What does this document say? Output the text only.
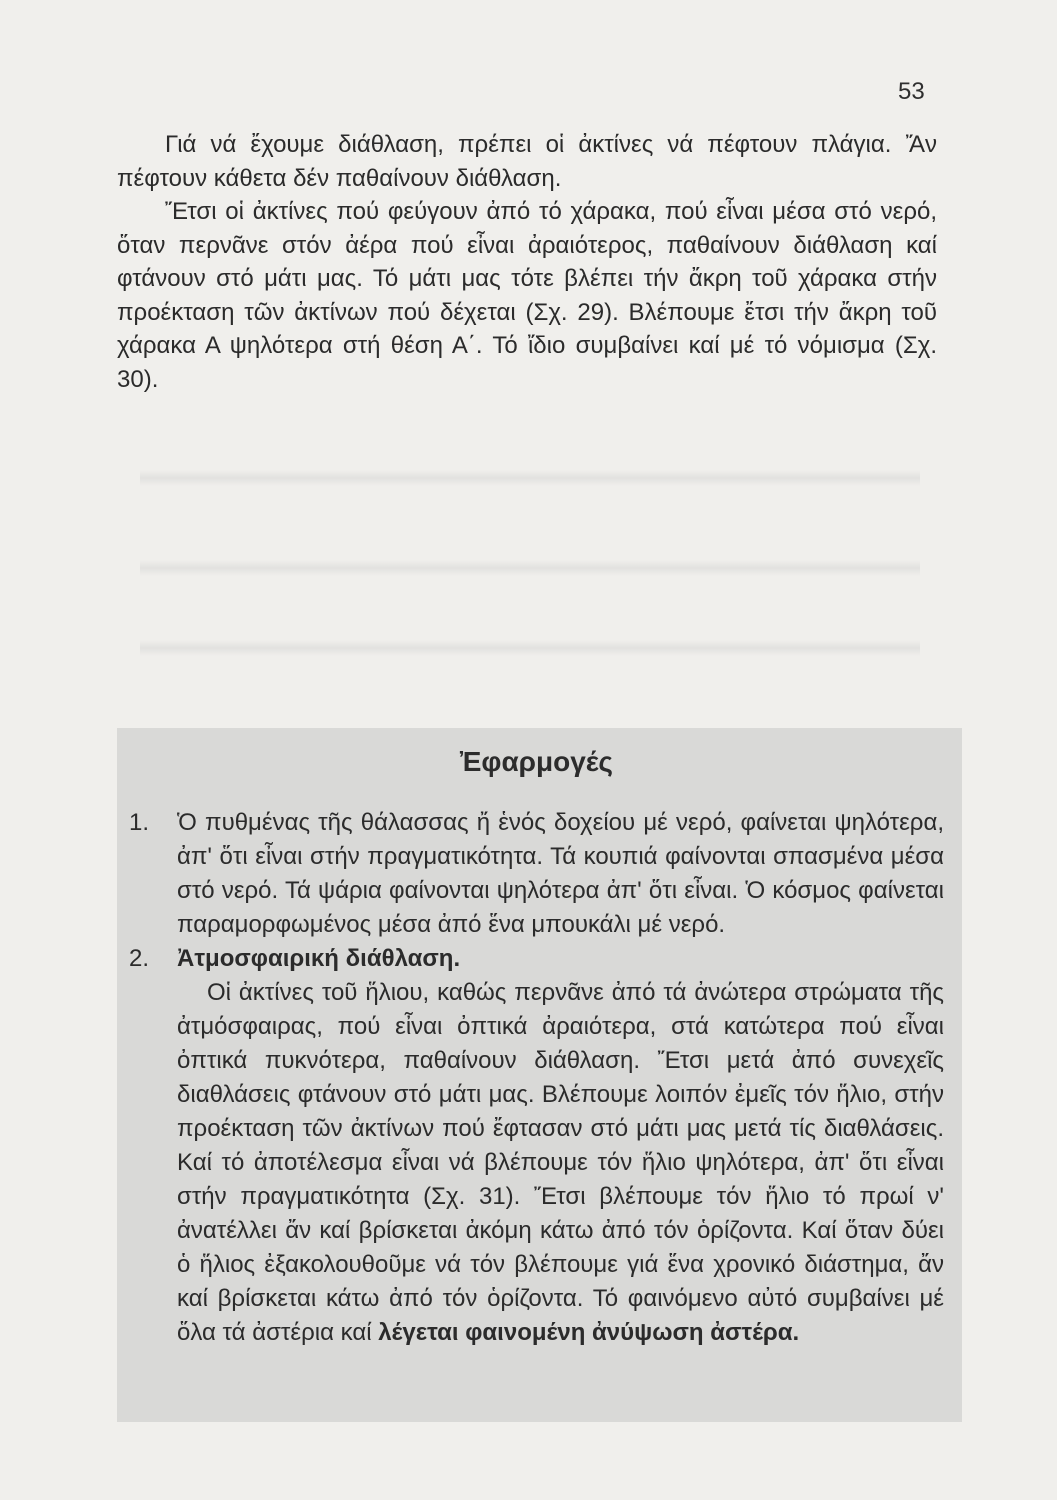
53

Γιά νά ἔχουμε διάθλαση, πρέπει οἱ ἀκτίνες νά πέφτουν πλάγια. Ἄν πέφτουν κάθετα δέν παθαίνουν διάθλαση.

Ἔτσι οἱ ἀκτίνες πού φεύγουν ἀπό τό χάρακα, πού εἶναι μέσα στό νερό, ὅταν περνᾶνε στόν ἀέρα πού εἶναι ἀραιότερος, παθαίνουν διάθλαση καί φτάνουν στό μάτι μας. Τό μάτι μας τότε βλέπει τήν ἄκρη τοῦ χάρακα στήν προέκταση τῶν ἀκτίνων πού δέχεται (Σχ. 29). Βλέπουμε ἔτσι τήν ἄκρη τοῦ χάρακα Α ψηλότερα στή θέση Α΄. Τό ἴδιο συμβαίνει καί μέ τό νόμισμα (Σχ. 30).

Ἐφαρμογές
1. Ὁ πυθμένας τῆς θάλασσας ἤ ἑνός δοχείου μέ νερό, φαίνεται ψηλότερα, ἀπ' ὅτι εἶναι στήν πραγματικότητα. Τά κουπιά φαίνονται σπασμένα μέσα στό νερό. Τά ψάρια φαίνονται ψηλότερα ἀπ' ὅτι εἶναι. Ὁ κόσμος φαίνεται παραμορφωμένος μέσα ἀπό ἕνα μπουκάλι μέ νερό.
2. Ἀτμοσφαιρική διάθλαση.

Οἱ ἀκτίνες τοῦ ἥλιου, καθώς περνᾶνε ἀπό τά ἀνώτερα στρώματα τῆς ἀτμόσφαιρας, πού εἶναι ὀπτικά ἀραιότερα, στά κατώτερα πού εἶναι ὀπτικά πυκνότερα, παθαίνουν διάθλαση. Ἔτσι μετά ἀπό συνεχεῖς διαθλάσεις φτάνουν στό μάτι μας. Βλέπουμε λοιπόν ἐμεῖς τόν ἥλιο, στήν προέκταση τῶν ἀκτίνων πού ἔφτασαν στό μάτι μας μετά τίς διαθλάσεις. Καί τό ἀποτέλεσμα εἶναι νά βλέπουμε τόν ἥλιο ψηλότερα, ἀπ' ὅτι εἶναι στήν πραγματικότητα (Σχ. 31). Ἔτσι βλέπουμε τόν ἥλιο τό πρωί ν' ἀνατέλλει ἄν καί βρίσκεται ἀκόμη κάτω ἀπό τόν ὁρίζοντα. Καί ὅταν δύει ὁ ἥλιος ἐξακολουθοῦμε νά τόν βλέπουμε γιά ἕνα χρονικό διάστημα, ἄν καί βρίσκεται κάτω ἀπό τόν ὁρίζοντα. Τό φαινόμενο αὐτό συμβαίνει μέ ὅλα τά ἀστέρια καί λέγεται φαινομένη ἀνύψωση ἀστέρα.
